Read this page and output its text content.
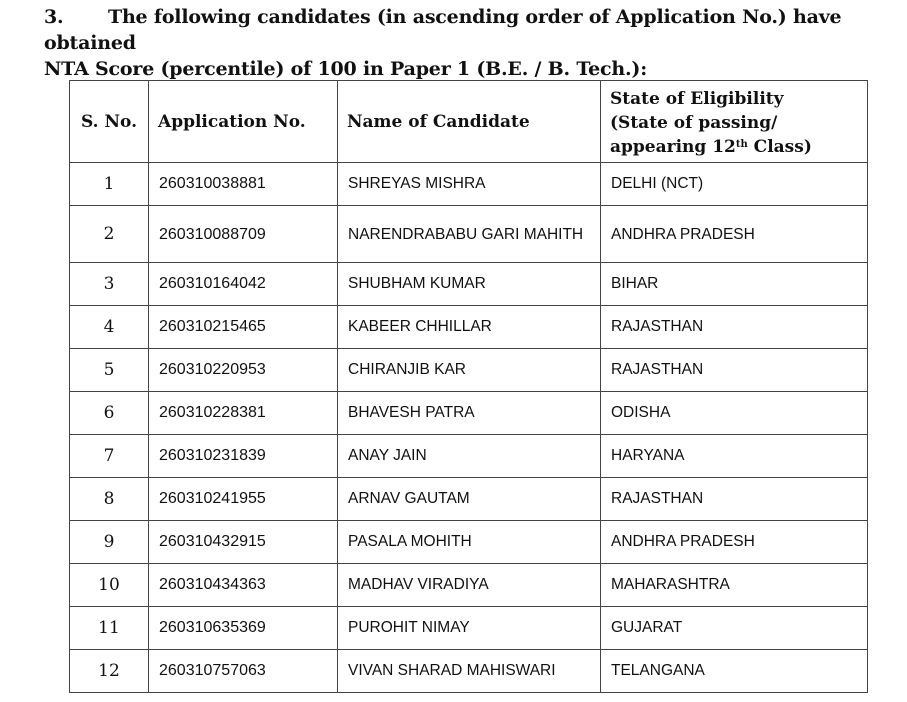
3. The following candidates (in ascending order of Application No.) have obtained
NTA Score (percentile) of 100 in Paper 1 (B.E. / B. Tech.):
S. No.	Application No.	Name of Candidate	State of Eligibility
(State of passing/
appearing 12th Class)

1	260310038881	SHREYAS MISHRA	DELHI (NCT)
2	260310088709	NARENDRABABU GARI MAHITH	ANDHRA PRADESH
3	260310164042	SHUBHAM KUMAR	BIHAR
4	260310215465	KABEER CHHILLAR	RAJASTHAN
5	260310220953	CHIRANJIB KAR	RAJASTHAN
6	260310228381	BHAVESH PATRA	ODISHA
7	260310231839	ANAY JAIN	HARYANA
8	260310241955	ARNAV GAUTAM	RAJASTHAN
9	260310432915	PASALA MOHITH	ANDHRA PRADESH
10	260310434363	MADHAV VIRADIYA	MAHARASHTRA
11	260310635369	PUROHIT NIMAY	GUJARAT
12	260310757063	VIVAN SHARAD MAHISWARI	TELANGANA
